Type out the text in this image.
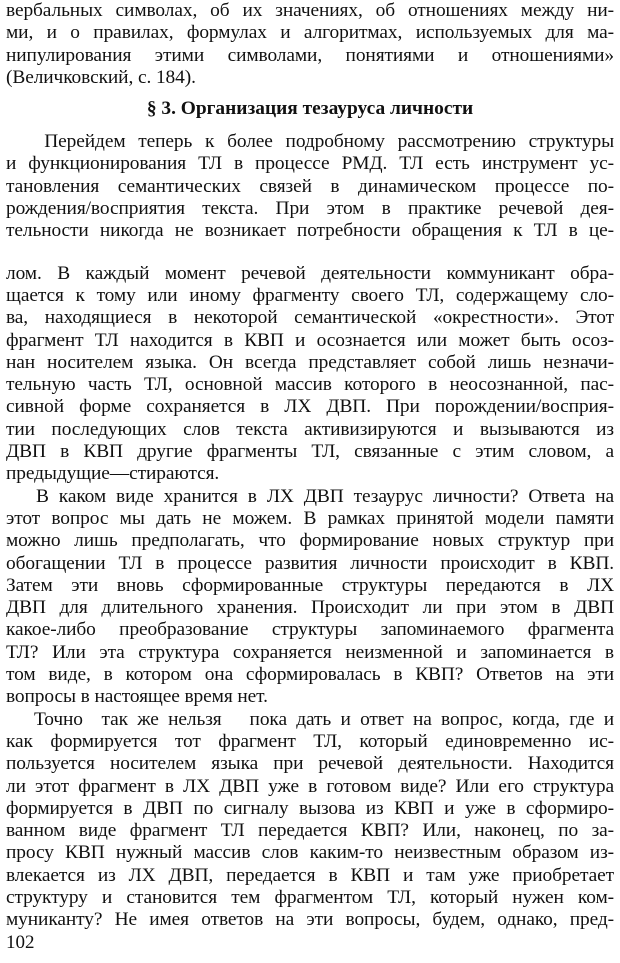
вербальных символах, об их значениях, об отношениях между ни-
ми, и о правилах, формулах и алгоритмах, используемых для ма-
нипулирования этими символами, понятиями и отношениями»
(Величковский, с. 184).
§ 3. Организация тезауруса личности
Перейдем теперь к более подробному рассмотрению структуры
и функционирования ТЛ в процессе РМД. ТЛ есть инструмент ус-
тановления семантических связей в динамическом процессе по-
рождения/восприятия текста. При этом в практике речевой дея-
тельности никогда не возникает потребности обращения к ТЛ в це-
лом. В каждый момент речевой деятельности коммуникант обра-
щается к тому или иному фрагменту своего ТЛ, содержащему сло-
ва, находящиеся в некоторой семантической «окрестности». Этот
фрагмент ТЛ находится в КВП и осознается или может быть осоз-
нан носителем языка. Он всегда представляет собой лишь незначи-
тельную часть ТЛ, основной массив которого в неосознанной, пас-
сивной форме сохраняется в ЛХ ДВП. При порождении/восприя-
тии последующих слов текста активизируются и вызываются из
ДВП в КВП другие фрагменты ТЛ, связанные с этим словом, а
предыдущие—стираются.
В каком виде хранится в ЛХ ДВП тезаурус личности? Ответа на
этот вопрос мы дать не можем. В рамках принятой модели памяти
можно лишь предполагать, что формирование новых структур при
обогащении ТЛ в процессе развития личности происходит в КВП.
Затем эти вновь сформированные структуры передаются в ЛХ
ДВП для длительного хранения. Происходит ли при этом в ДВП
какое-либо преобразование структуры запоминаемого фрагмента
ТЛ? Или эта структура сохраняется неизменной и запоминается в
том виде, в котором она сформировалась в КВП? Ответов на эти
вопросы в настоящее время нет.
Точно  так же нельзя   пока дать и ответ на вопрос, когда, где и
как формируется тот фрагмент ТЛ, который единовременно ис-
пользуется носителем языка при речевой деятельности. Находится
ли этот фрагмент в ЛХ ДВП уже в готовом виде? Или его структура
формируется в ДВП по сигналу вызова из КВП и уже в сформиро-
ванном виде фрагмент ТЛ передается КВП? Или, наконец, по за-
просу КВП нужный массив слов каким-то неизвестным образом из-
влекается из ЛХ ДВП, передается в КВП и там уже приобретает
структуру и становится тем фрагментом ТЛ, который нужен ком-
муниканту? Не имея ответов на эти вопросы, будем, однако, пред-
102
